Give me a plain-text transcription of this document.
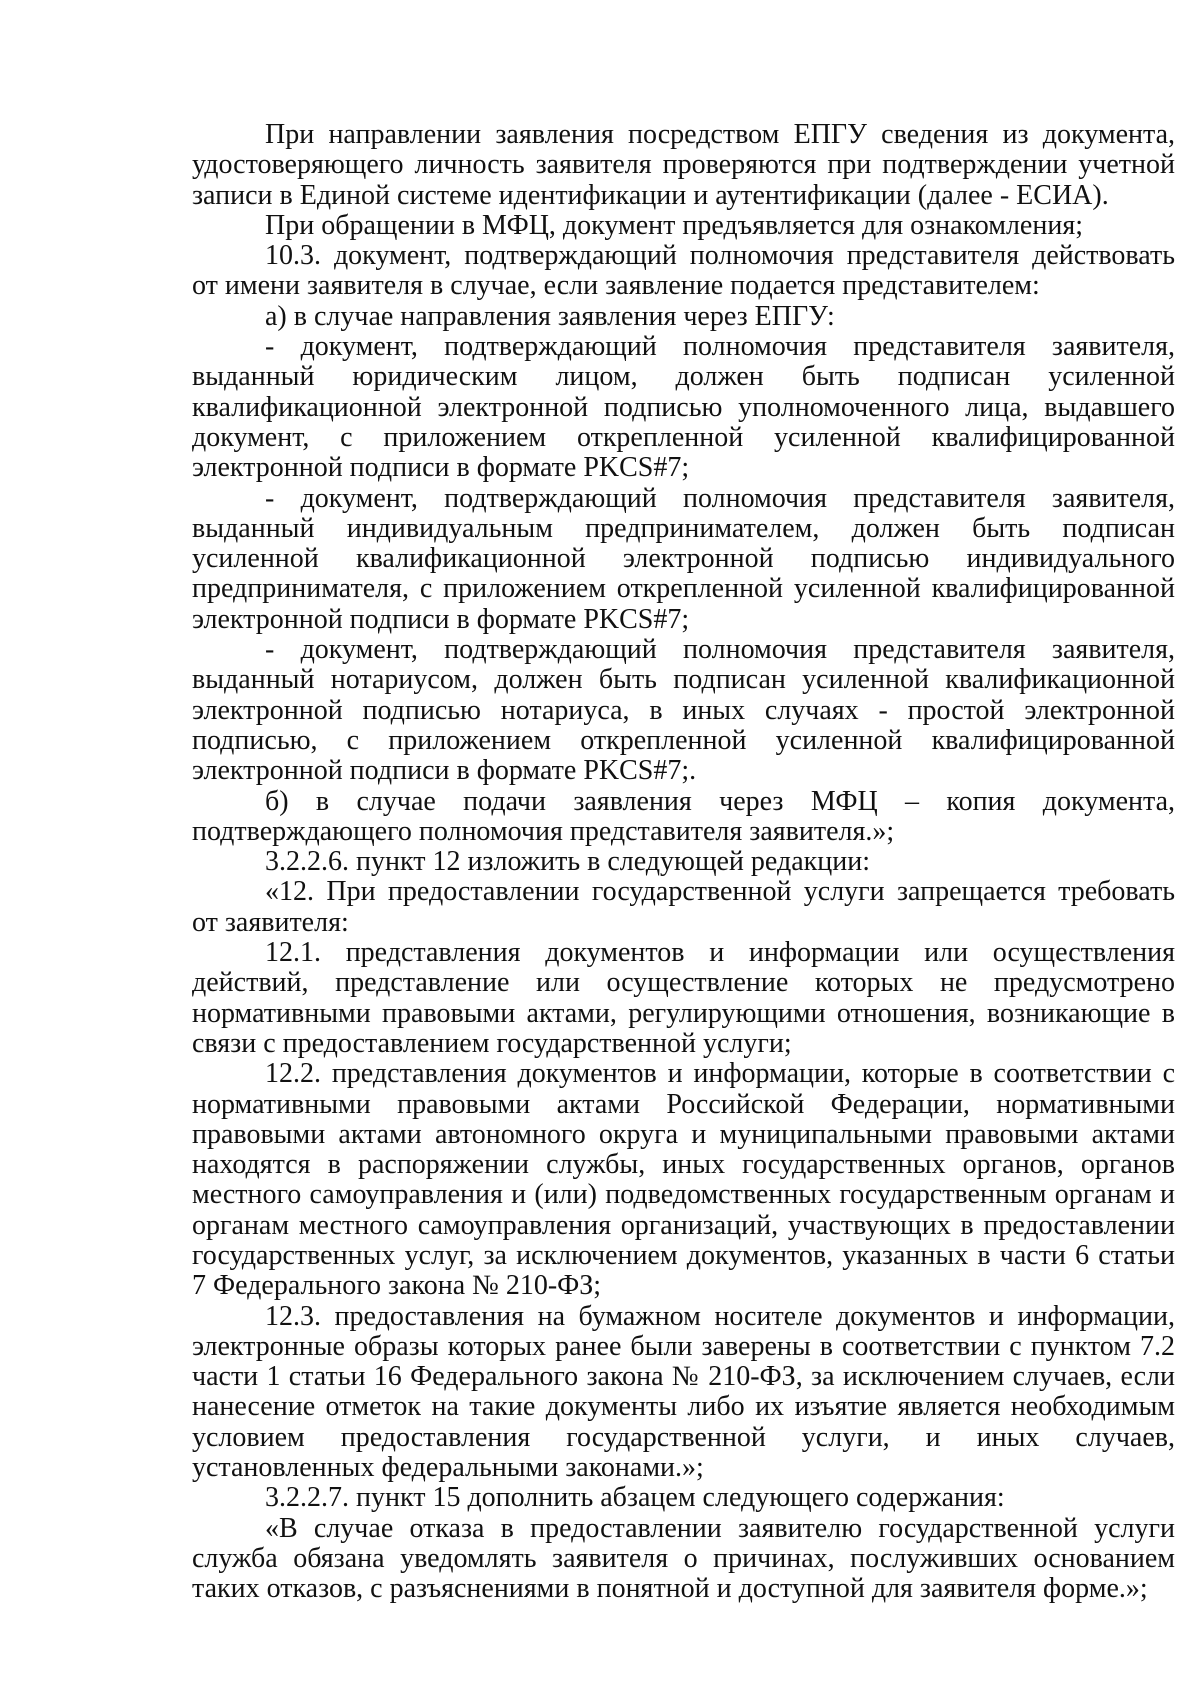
При направлении заявления посредством ЕПГУ сведения из документа, удостоверяющего личность заявителя проверяются при подтверждении учетной записи в Единой системе идентификации и аутентификации (далее - ЕСИА).

При обращении в МФЦ, документ предъявляется для ознакомления;

10.3. документ, подтверждающий полномочия представителя действовать от имени заявителя в случае, если заявление подается представителем:

а) в случае направления заявления через ЕПГУ:

- документ, подтверждающий полномочия представителя заявителя, выданный юридическим лицом, должен быть подписан усиленной квалификационной электронной подписью уполномоченного лица, выдавшего документ, с приложением открепленной усиленной квалифицированной электронной подписи в формате PKCS#7;

- документ, подтверждающий полномочия представителя заявителя, выданный индивидуальным предпринимателем, должен быть подписан усиленной квалификационной электронной подписью индивидуального предпринимателя, с приложением открепленной усиленной квалифицированной электронной подписи в формате PKCS#7;

- документ, подтверждающий полномочия представителя заявителя, выданный нотариусом, должен быть подписан усиленной квалификационной электронной подписью нотариуса, в иных случаях - простой электронной подписью, с приложением открепленной усиленной квалифицированной электронной подписи в формате PKCS#7;.

б) в случае подачи заявления через МФЦ – копия документа, подтверждающего полномочия представителя заявителя.»;

3.2.2.6. пункт 12 изложить в следующей редакции:

«12. При предоставлении государственной услуги запрещается требовать от заявителя:

12.1. представления документов и информации или осуществления действий, представление или осуществление которых не предусмотрено нормативными правовыми актами, регулирующими отношения, возникающие в связи с предоставлением государственной услуги;

12.2. представления документов и информации, которые в соответствии с нормативными правовыми актами Российской Федерации, нормативными правовыми актами автономного округа и муниципальными правовыми актами находятся в распоряжении службы, иных государственных органов, органов местного самоуправления и (или) подведомственных государственным органам и органам местного самоуправления организаций, участвующих в предоставлении государственных услуг, за исключением документов, указанных в части 6 статьи 7 Федерального закона № 210-ФЗ;

12.3. предоставления на бумажном носителе документов и информации, электронные образы которых ранее были заверены в соответствии с пунктом 7.2 части 1 статьи 16 Федерального закона № 210-ФЗ, за исключением случаев, если нанесение отметок на такие документы либо их изъятие является необходимым условием предоставления государственной услуги, и иных случаев, установленных федеральными законами.»;

3.2.2.7. пункт 15 дополнить абзацем следующего содержания:

«В случае отказа в предоставлении заявителю государственной услуги служба обязана уведомлять заявителя о причинах, послуживших основанием таких отказов, с разъяснениями в понятной и доступной для заявителя форме.»;
